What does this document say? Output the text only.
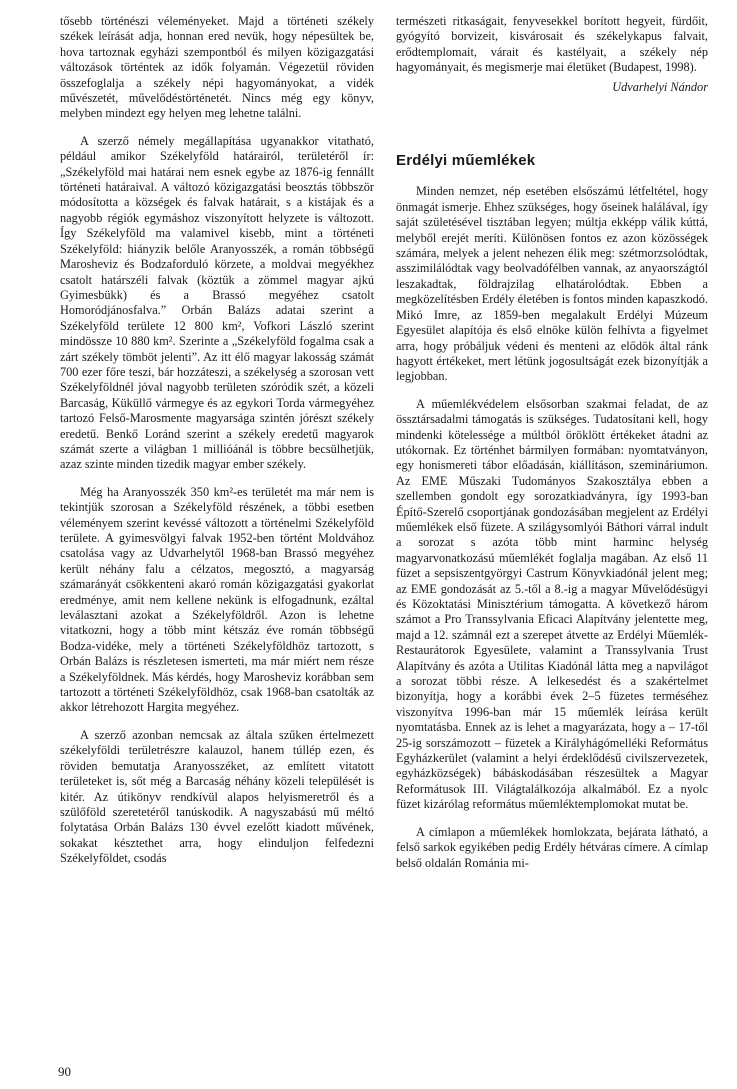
tősebb történészi véleményeket. Majd a történeti székely székek leírását adja, honnan ered nevük, hogy népesültek be, hova tartoznak egyházi szempontból és milyen közigazgatási változások történtek az idők folyamán. Végezetül röviden összefoglalja a székely népi hagyományokat, a vidék művészetét, művelődéstörténetét. Nincs még egy könyv, melyben mindezt egy helyen meg lehetne találni.

A szerző némely megállapítása ugyanakkor vitatható, például amikor Székelyföld határairól, területéről ír: „Székelyföld mai határai nem esnek egybe az 1876-ig fennállt történeti határaival. A változó közigazgatási beosztás többször módosította a községek és falvak határait, s a kistájak és a nagyobb régiók egymáshoz viszonyított helyzete is változott. Így Székelyföld ma valamivel kisebb, mint a történeti Székelyföld: hiányzik belőle Aranyosszék, a román többségű Marosheviz és Bodzaforduló körzete, a moldvai megyékhez csatolt határszéli falvak (köztük a zömmel magyar ajkú Gyimesbükk) és a Brassó megyéhez csatolt Homoródjánosfalva.” Orbán Balázs adatai szerint a Székelyföld területe 12 800 km², Vofkori László szerint mindössze 10 880 km². Szerinte a „Székelyföld fogalma csak a zárt székely tömböt jelenti”. Az itt élő magyar lakosság számát 700 ezer főre teszi, bár hozzáteszi, a székelység a szorosan vett Székelyföldnél jóval nagyobb területen szóródik szét, a közeli Barcaság, Küküllő vármegye és az egykori Torda vármegyéhez tartozó Felső-Marosmente magyarsága szintén jórészt székely eredetű. Benkő Loránd szerint a székely eredetű magyarok számát szerte a világban 1 millióánál is többre becsülhetjük, azaz szinte minden tizedik magyar ember székely.

Még ha Aranyosszék 350 km²-es területét ma már nem is tekintjük szorosan a Székelyföld részének, a többi esetben véleményem szerint kevéssé változott a történelmi Székelyföld területe. A gyimesvölgyi falvak 1952-ben történt Moldvához csatolása vagy az Udvarhelytől 1968-ban Brassó megyéhez került néhány falu a célzatos, megosztó, a magyarság számarányát csökkenteni akaró román közigazgatási gyakorlat eredménye, amit nem kellene nekünk is elfogadnunk, ezáltal leválasztani azokat a Székelyföldről. Azon is lehetne vitatkozni, hogy a több mint kétszáz éve román többségű Bodza-vidéke, mely a történeti Székelyföldhöz tartozott, s Orbán Balázs is részletesen ismerteti, ma már miért nem része a Székelyföldnek. Más kérdés, hogy Marosheviz korábban sem tartozott a történeti Székelyföldhöz, csak 1968-ban csatolták az akkor létrehozott Hargita megyéhez.

A szerző azonban nemcsak az általa szűken értelmezett székelyföldi területrészre kalauzol, hanem túllép ezen, és röviden bemutatja Aranyosszéket, az említett vitatott területeket is, sőt még a Barcaság néhány közeli települését is kitér. Az útikönyv rendkívül alapos helyismeretről és a szülőföld szeretetéről tanúskodik. A nagyszabású mű méltó folytatása Orbán Balázs 130 évvel ezelőtt kiadott művének, sokakat késztethet arra, hogy elinduljon felfedezni Székelyföldet, csodás

természeti ritkaságait, fenyvesekkel borított hegyeit, fürdőit, gyógyító borvizeit, kisvárosait és székelykapus falvait, erődtemplomait, várait és kastélyait, a székely nép hagyományait, és megismerje mai életüket (Budapest, 1998).

Udvarhelyi Nándor
Erdélyi műemlékek

Minden nemzet, nép esetében elsőszámú létfeltétel, hogy önmagát ismerje. Ehhez szükséges, hogy őseinek halálával, így saját születésével tisztában legyen; múltja ekképp válik kúttá, melyből erejét meríti. Különösen fontos ez azon közösségek számára, melyek a jelent nehezen élik meg: szétmorzsolódtak, asszimilálódtak vagy beolvadófélben vannak, az anyaországtól leszakadtak, földrajzilag elhatárolódtak. Ebben a megközelítésben Erdély életében is fontos minden kapaszkodó. Mikó Imre, az 1859-ben megalakult Erdélyi Múzeum Egyesület alapítója és első elnöke külön felhívta a figyelmet arra, hogy próbáljuk védeni és menteni az elődök által ránk hagyott értékeket, mert létünk jogosultságát ezek bizonyítják a legjobban.

A műemlékvédelem elsősorban szakmai feladat, de az össztársadalmi támogatás is szükséges. Tudatosítani kell, hogy mindenki kötelessége a múltból öröklött értékeket átadni az utókornak. Ez történhet bármilyen formában: nyomtatványon, egy honismereti tábor előadásán, kiállításon, szemináriumon. Az EME Műszaki Tudományos Szakosztálya ebben a szellemben gondolt egy sorozatkiadványra, így 1993-ban Építő-Szerelő csoportjának gondozásában megjelent az Erdélyi műemlékek első füzete. A szilágysomlyói Báthori várral indult a sorozat s azóta több mint harminc helység magyarvonatkozású műemlékét foglalja magában. Az első 11 füzet a sepsiszentgyörgyi Castrum Könyvkiadónál jelent meg; az EME gondozását az 5.-től a 8.-ig a magyar Művelődésügyi és Közoktatási Minisztérium támogatta. A következő három számot a Pro Transsylvania Eficaci Alapítvány jelentette meg, majd a 12. számnál ezt a szerepet átvette az Erdélyi Műemlék-Restaurátorok Egyesülete, valamint a Transsylvania Trust Alapítvány és azóta a Utilitas Kiadónál látta meg a napvilágot a sorozat többi része. A lelkesedést és a szakértelmet bizonyítja, hogy a korábbi évek 2–5 füzetes terméséhez viszonyítva 1996-ban már 15 műemlék leírása került nyomtatásba. Ennek az is lehet a magyarázata, hogy a – 17-től 25-ig sorszámozott – füzetek a Királyhágómelléki Református Egyházkerület (valamint a helyi érdeklődésű civilszervezetek, egyházközségek) bábáskodásában részesültek a Magyar Reformátusok III. Világtalálkozója alkalmából. Ez a nyolc füzet kizárólag református műemléktemplomokat mutat be.

A címlapon a műemlékek homlokzata, bejárata látható, a felső sarkok egyikében pedig Erdély hétváras címere. A címlap belső oldalán Románia mi-

90
